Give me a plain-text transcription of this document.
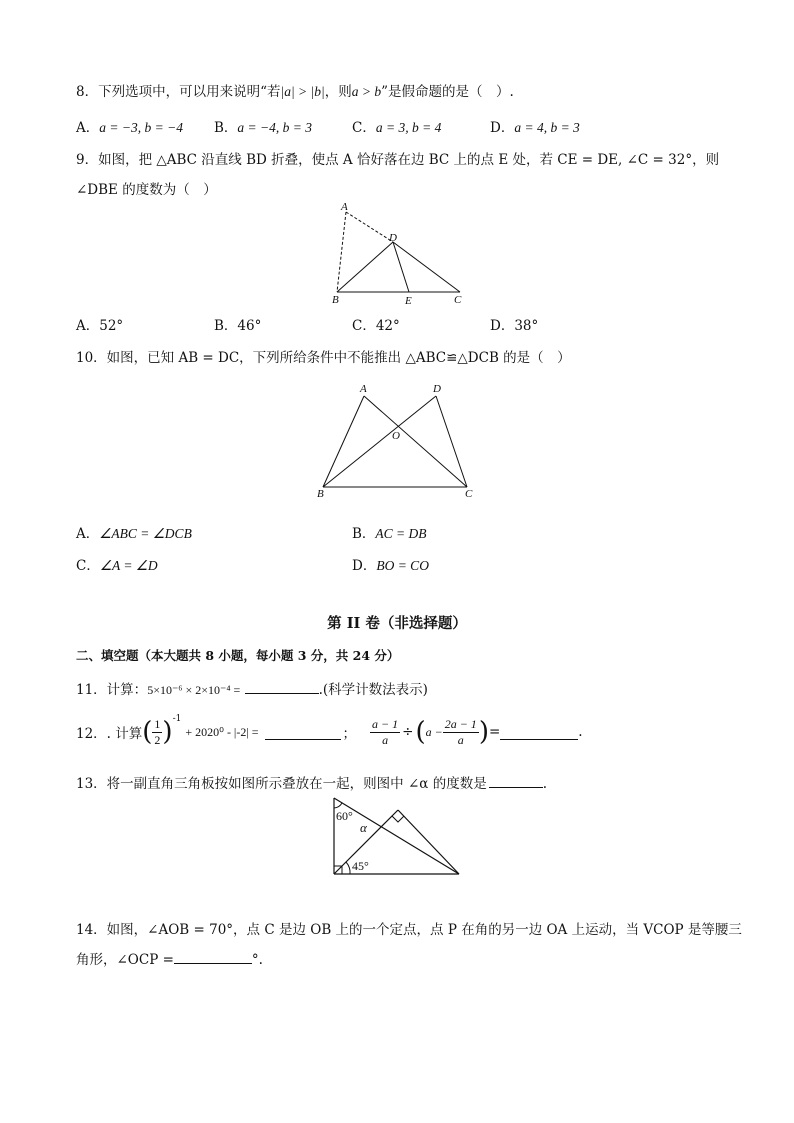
8．下列选项中，可以用来说明“若|a| > |b|，则a > b”是假命题的是（　）.
A．a = −3, b = −4 B．a = −4, b = 3	C．a = 3, b = 4	D．a = 4, b = 3
9．如图，把 △ABC 沿直线 BD 折叠，使点 A 恰好落在边 BC 上的点 E 处，若 CE = DE, ∠C = 32°，则
∠DBE 的度数为（　）
A
D
B	E	C
A．52°	B．46°	C．42°	D．38°
10．如图，已知 AB = DC，下列所给条件中不能推出 △ABC≌△DCB 的是（　）
A	D
O
B	C
A．∠ABC = ∠DCB	B．AC = DB
C．∠A = ∠D	D．BO = CO
第 II 卷（非选择题）
二、填空题（本大题共 8 小题，每小题 3 分，共 24 分）
11．计算：5×10⁻⁶ × 2×10⁻⁴ =	.(科学计数法表示)
12．. 计算 ( $\frac{1}{2} )^{-1}$
+ 2020⁰ - |-2| =	； $\frac{a - 1}{a}$ ÷ ( $a - \frac{2a - 1}{a}$ ) =	.
13．将一副直角三角板按如图所示叠放在一起，则图中 ∠α 的度数是	.
60°
α
45°
14．如图，∠AOB = 70°，点 C 是边 OB 上的一个定点，点 P 在角的另一边 OA 上运动，当 VCOP 是等腰三
角形，∠OCP =	°.
